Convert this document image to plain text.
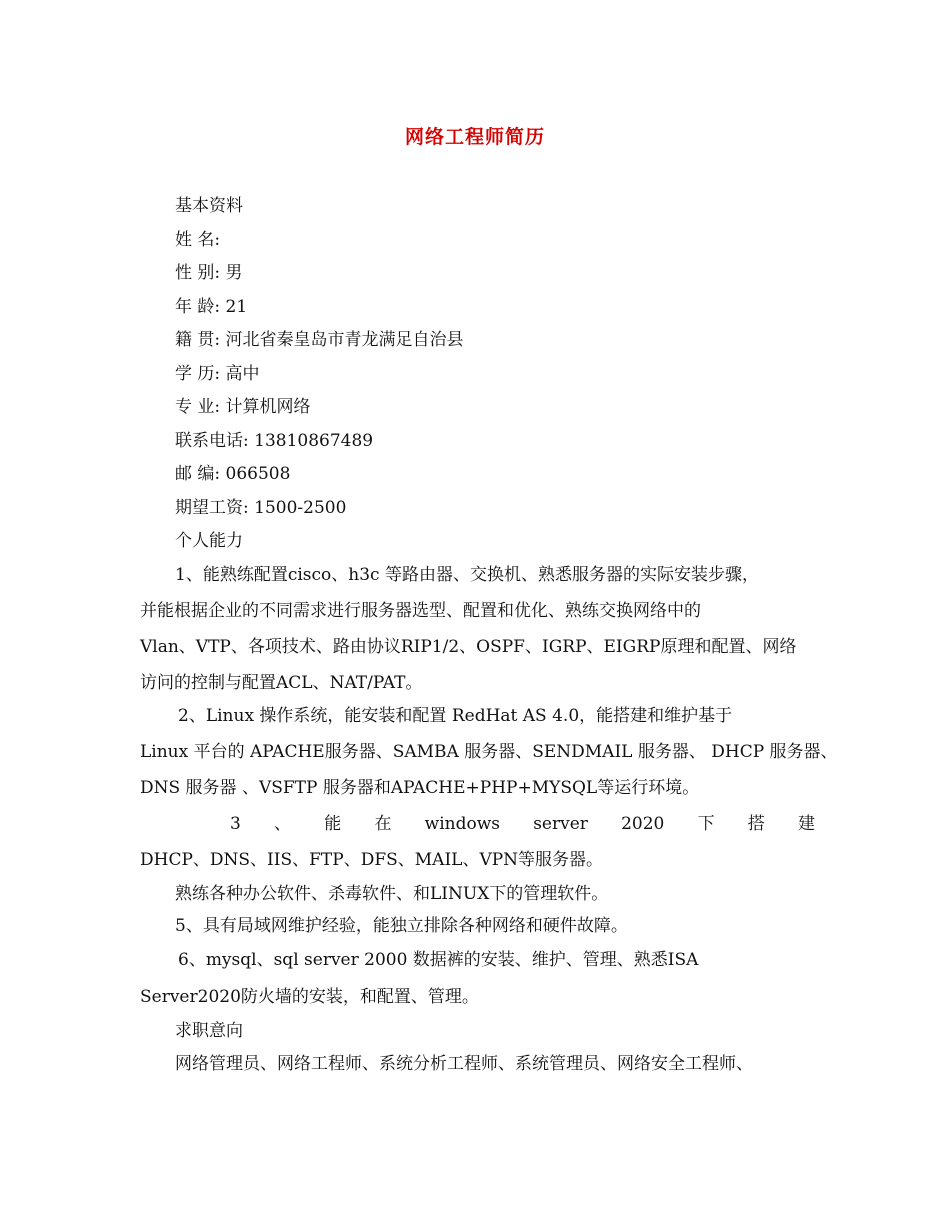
网络工程师简历
基本资料
姓 名:
性 别: 男
年 龄: 21
籍 贯: 河北省秦皇岛市青龙满足自治县
学 历: 高中
专 业: 计算机网络
联系电话: 13810867489
邮 编: 066508
期望工资: 1500-2500
个人能力
1、能熟练配置cisco、h3c 等路由器、交换机、熟悉服务器的实际安装步骤，
并能根据企业的不同需求进行服务器选型、配置和优化、熟练交换网络中的
Vlan、VTP、各项技术、路由协议RIP1/2、OSPF、IGRP、EIGRP原理和配置、网络
访问的控制与配置ACL、NAT/PAT。
2、Linux 操作系统，能安装和配置 RedHat AS 4.0，能搭建和维护基于
Linux 平台的 APACHE服务器、SAMBA 服务器、SENDMAIL 服务器、 DHCP 服务器、
DNS 服务器 、VSFTP 服务器和APACHE+PHP+MYSQL等运行环境。
3 、 能 在 windows server 2020 下 搭 建
DHCP、DNS、IIS、FTP、DFS、MAIL、VPN等服务器。
熟练各种办公软件、杀毒软件、和LINUX下的管理软件。
5、具有局域网维护经验，能独立排除各种网络和硬件故障。
6、mysql、sql server 2000 数据裤的安装、维护、管理、熟悉ISA
Server2020防火墙的安装，和配置、管理。
求职意向
网络管理员、网络工程师、系统分析工程师、系统管理员、网络安全工程师、
